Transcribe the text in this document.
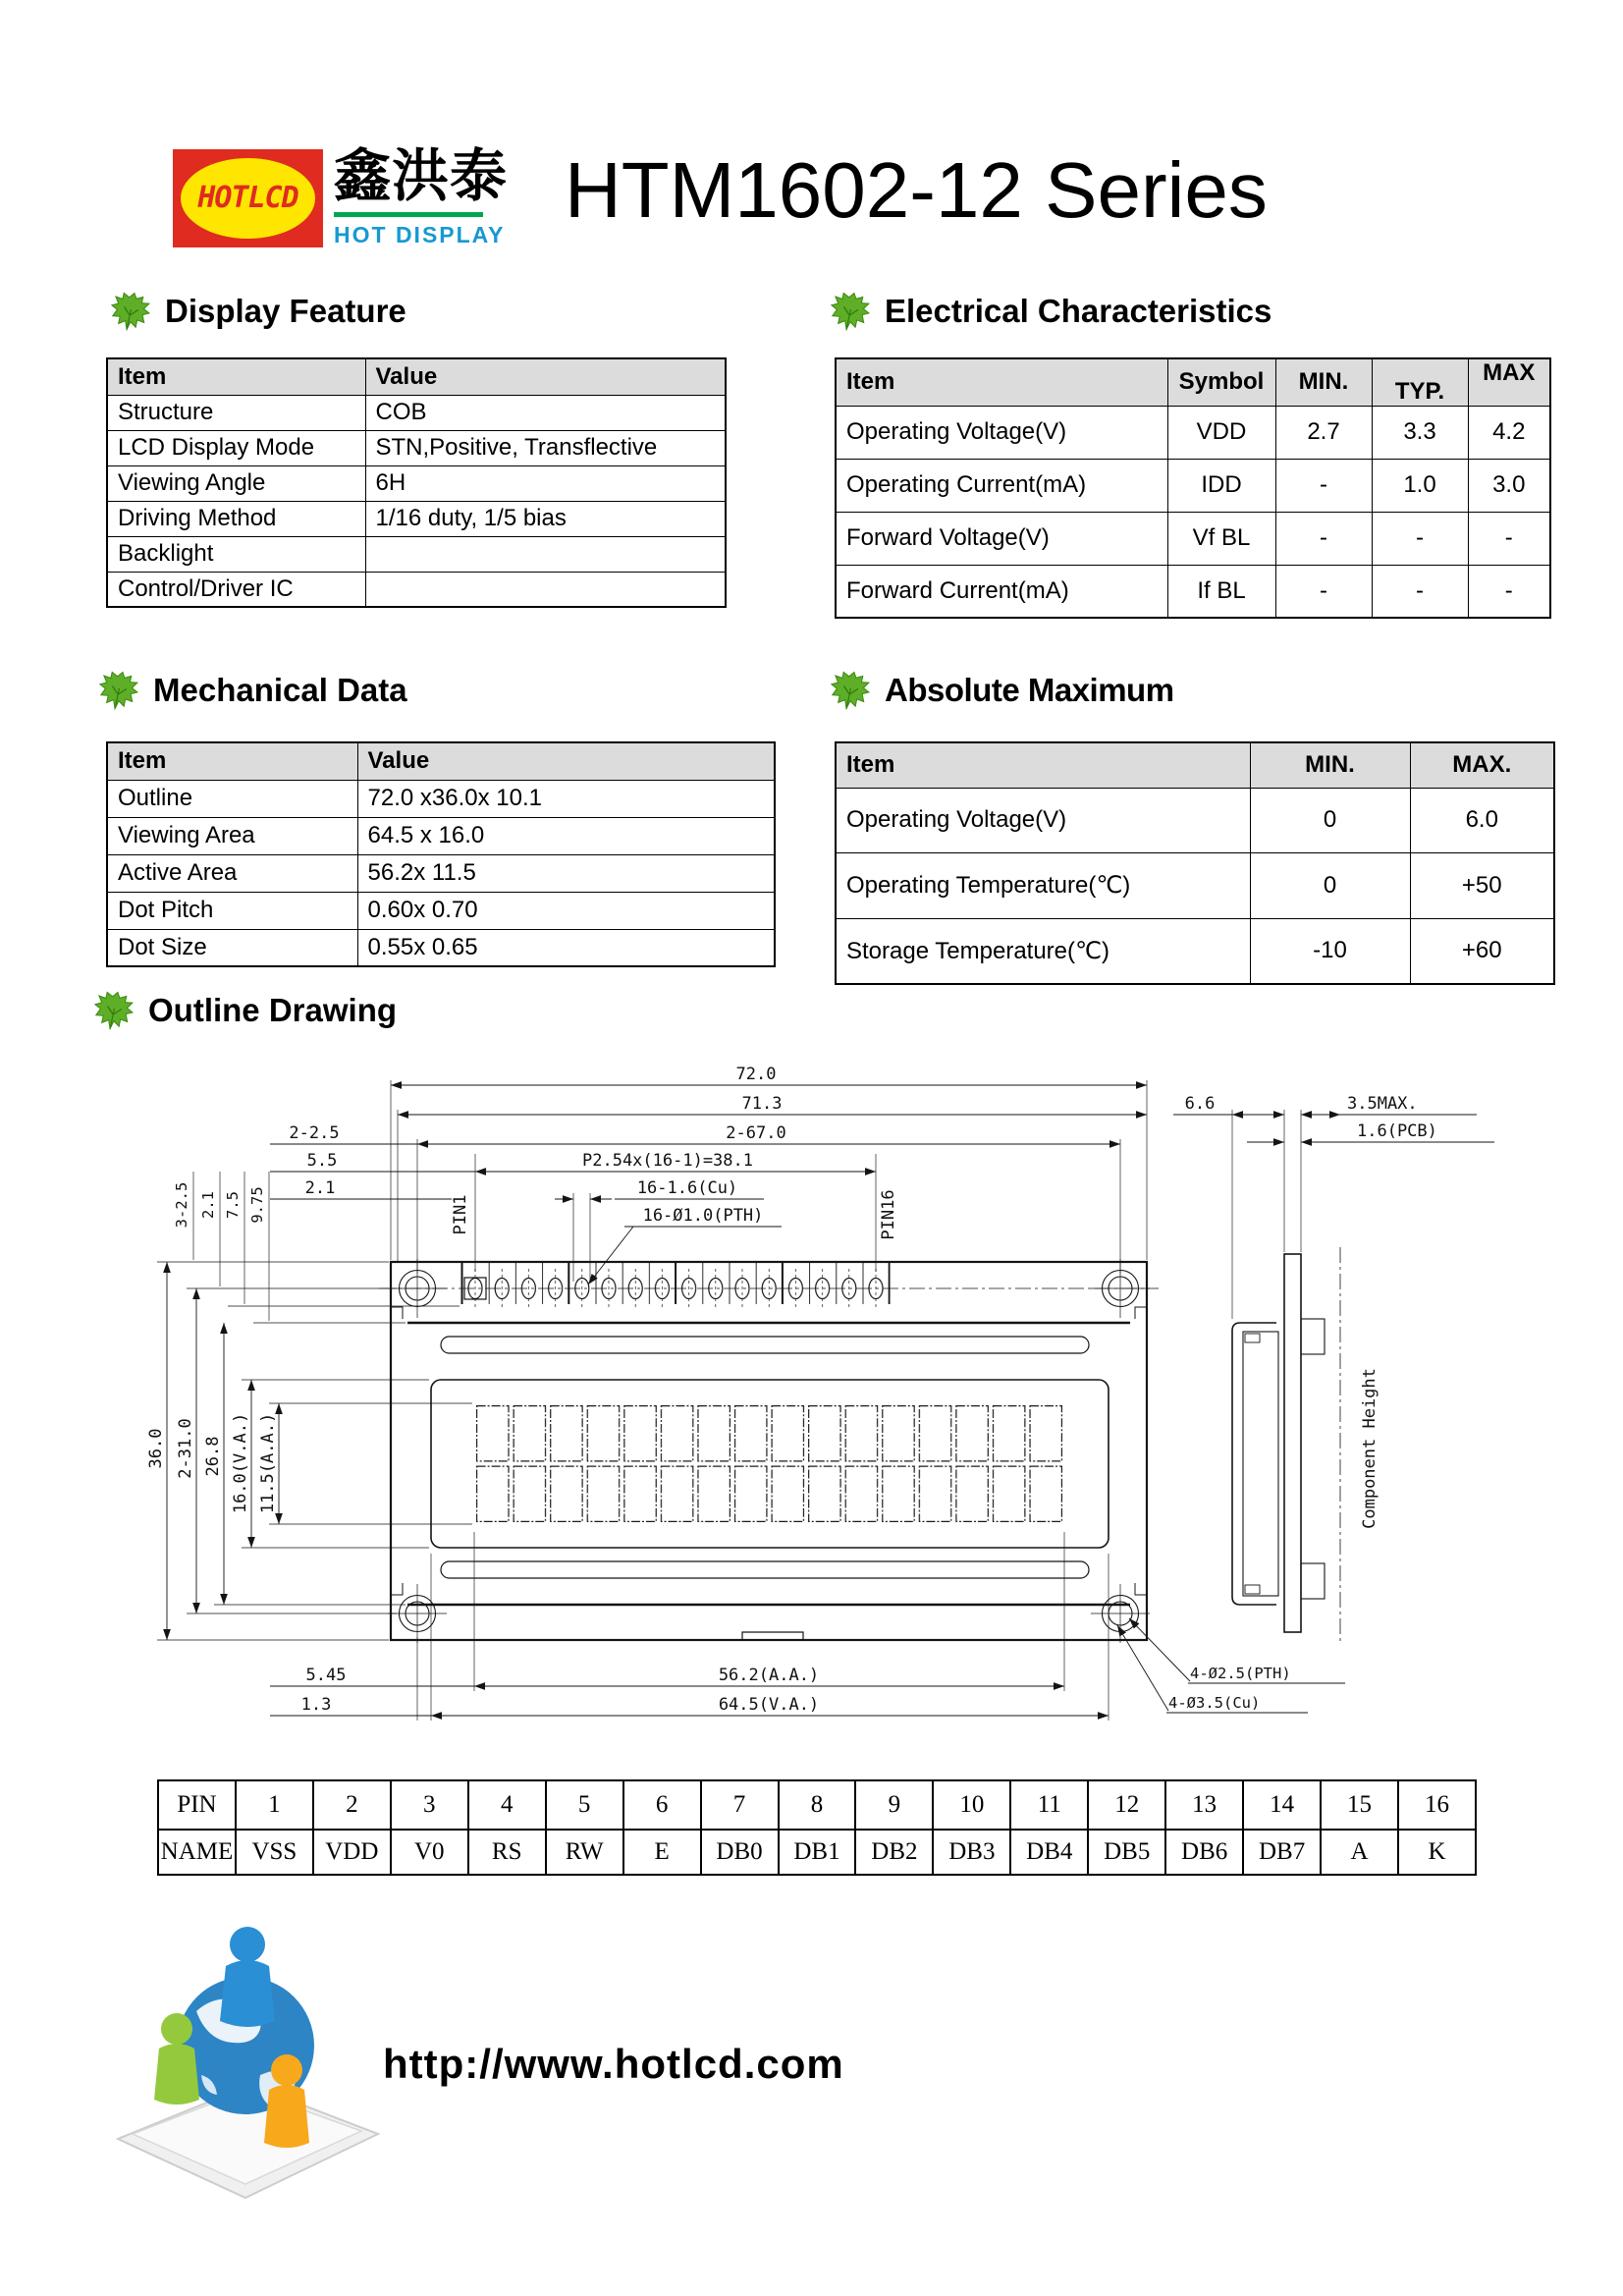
HOTLCD 鑫洪泰
HOT DISPLAY
HTM1602-12 Series
Display Feature	Electrical Characteristics
Mechanical Data	Absolute Maximum
Outline Drawing
Item	Value
Structure	COB
LCD Display Mode	STN,Positive, Transflective
Viewing Angle	6H
Driving Method	1/16 duty, 1/5 bias
Backlight	
Control/Driver IC	
Item	Symbol	MIN.	TYP.	MAX
Operating Voltage(V)	VDD	2.7	3.3	4.2
Operating Current(mA)	IDD	-	1.0	3.0
Forward Voltage(V)	Vf BL	-	-	-
Forward Current(mA)	If BL	-	-	-
Item	Value
Outline	72.0 x36.0x 10.1
Viewing Area	64.5 x 16.0
Active Area	56.2x 11.5
Dot Pitch	0.60x 0.70
Dot Size	0.55x 0.65
Item	MIN.	MAX.
Operating Voltage(V)	0	6.0
Operating Temperature(℃)	0	+50
Storage Temperature(℃)	-10	+60
72.0
71.3
2-67.0
2-2.5
P2.54x(16-1)=38.1
5.5
16-1.6(Cu)
2.1
16-Ø1.0(PTH)
PIN1	PIN16
3-2.5 2.1 7.5 9.75
36.0 2-31.0 26.8 16.0(V.A.) 11.5(A.A.)
5.45	56.2(A.A.)
1.3	64.5(V.A.)
4-Ø2.5(PTH)
4-Ø3.5(Cu)
6.6	3.5MAX.
1.6(PCB)
Component Height
PIN	1	2	3	4	5	6	7	8	9	10	11	12	13	14	15	16
NAME	VSS	VDD	V0	RS	RW	E	DB0	DB1	DB2	DB3	DB4	DB5	DB6	DB7	A	K
http://www.hotlcd.com
